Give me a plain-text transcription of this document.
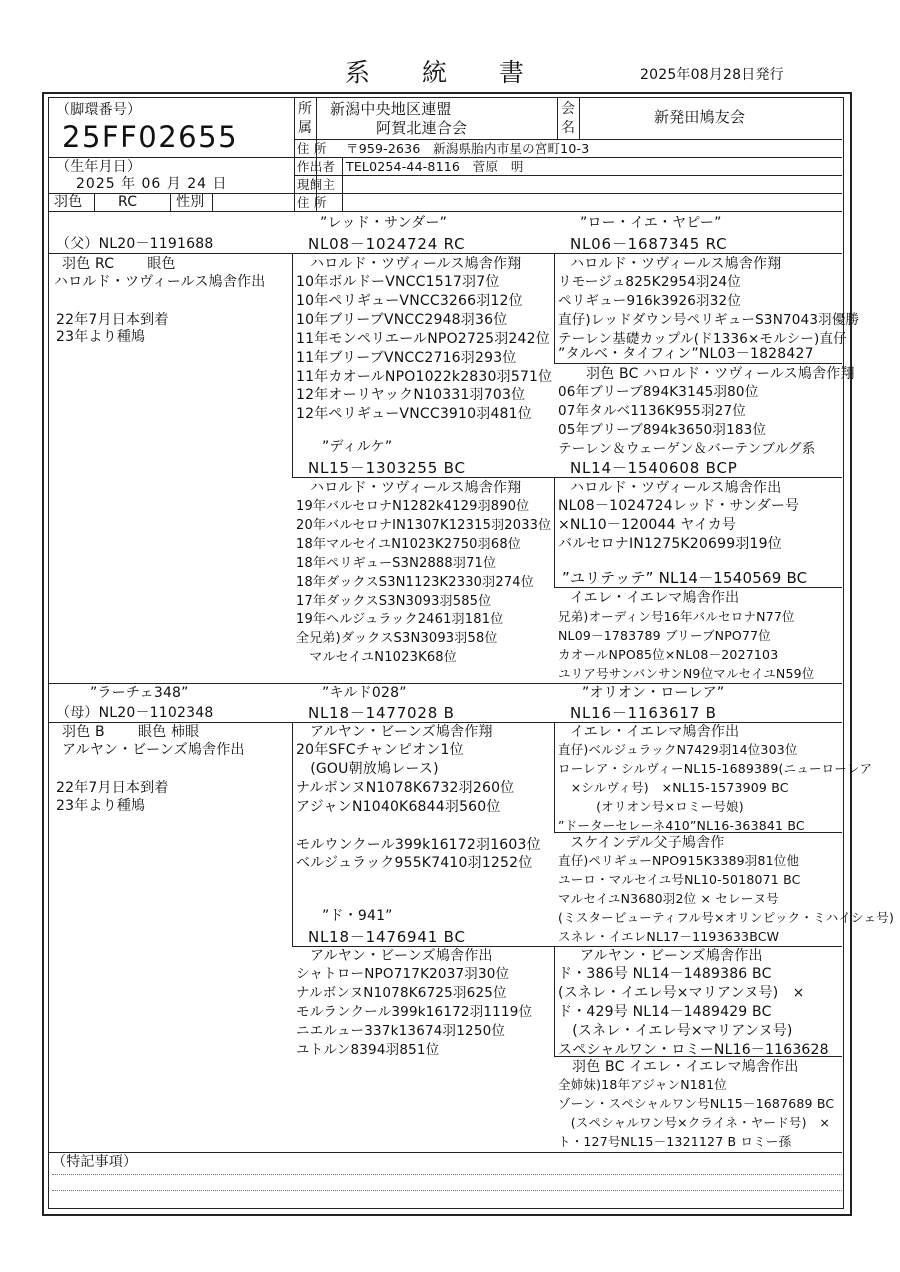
系 統 書	2025年08月28日発行
（脚環番号）
25FF02655
（生年月日）
2025 年 06 月 24 日
羽色	RC	性別
所
属
新潟中央地区連盟
阿賀北連合会
会
名
新発田鳩友会
住 所 〒959-2636　新潟県胎内市星の宮町10-3
作出者 TEL0254-44-8116　菅原　明
現飼主
住 所
（父）NL20－1191688
羽色 RC 　　眼色
ハロルド・ツヴィールス鳩舎作出
22年7月日本到着
23年より種鳩
”レッド・サンダー”
NL08－1024724 RC
ハロルド・ツヴィールス鳩舎作翔
10年ボルドーVNCC1517羽7位
10年ペリギューVNCC3266羽12位
10年ブリーブVNCC2948羽36位
11年モンペリエールNPO2725羽242位
11年ブリーブVNCC2716羽293位
11年カオールNPO1022k2830羽571位
12年オーリヤックN10331羽703位
12年ペリギューVNCC3910羽481位
”ディルケ”
NL15－1303255 BC
ハロルド・ツヴィールス鳩舎作翔
19年バルセロナN1282k4129羽890位
20年バルセロナIN1307K12315羽2033位
18年マルセイユN1023K2750羽68位
18年ペリギューS3N2888羽71位
18年ダックスS3N1123K2330羽274位
17年ダックスS3N3093羽585位
19年ヘルジュラック2461羽181位
全兄弟)ダックスS3N3093羽58位
　マルセイユN1023K68位
”ロー・イエ・ヤピー”
NL06－1687345 RC
ハロルド・ツヴィールス鳩舎作翔
リモージュ825K2954羽24位
ペリギュー916k3926羽32位
直仔)レッドダウン号ペリギューS3N7043羽優勝
テーレン基礎カップル(ド1336×モルシー)直仔
”タルベ・タイフィン”NL03－1828427
羽色 BC ハロルド・ツヴィールス鳩舎作翔
06年ブリーブ894K3145羽80位
07年タルベ1136K955羽27位
05年ブリーブ894k3650羽183位
テーレン＆ウェーゲン＆バーテンブルグ系
NL14－1540608 BCP
ハロルド・ツヴィールス鳩舎作出
NL08－1024724レッド・サンダー号
×NL10－120044 ヤイカ号
バルセロナIN1275K20699羽19位
”ユリテッテ” NL14－1540569 BC
イエレ・イエレマ鳩舎作出
兄弟)オーディン号16年バルセロナN77位
NL09－1783789 ブリーブNPO77位
カオールNPO85位×NL08－2027103
ユリア号サンバンサンN9位マルセイユN59位
”ラーチェ348”
（母）NL20－1102348
羽色 B 　　眼色 柿眼
アルヤン・ビーンズ鳩舎作出
22年7月日本到着
23年より種鳩
”キルド028”
NL18－1477028 B
アルヤン・ビーンズ鳩舎作翔
20年SFCチャンピオン1位
　(GOU朝放鳩レース)
ナルボンヌN1078K6732羽260位
アジャンN1040K6844羽560位
モルウンクール399k16172羽1603位
ベルジュラック955K7410羽1252位
”ド・941”
NL18－1476941 BC
アルヤン・ビーンズ鳩舎作出
シャトローNPO717K2037羽30位
ナルボンヌN1078K6725羽625位
モルランクール399k16172羽1119位
ニエルュー337k13674羽1250位
ユトルン8394羽851位
”オリオン・ローレア”
NL16－1163617 B
イエレ・イエレマ鳩舎作出
直仔)ベルジュラックN7429羽14位303位
ローレア・シルヴィーNL15-1689389(ニューローレア
　×シルヴィ号)　×NL15-1573909 BC
　　　(オリオン号×ロミー号娘)
”ドーターセレーネ410”NL16-363841 BC
スケインデル父子鳩舎作
直仔)ペリギューNPO915K3389羽81位他
ユーロ・マルセイユ号NL10-5018071 BC
マルセイユN3680羽2位 × セレーヌ号
(ミスタービューティフル号×オリンピック・ミハイシェ号)
スネレ・イエレNL17－1193633BCW
アルヤン・ビーンズ鳩舎作出
ド・386号 NL14－1489386 BC
(スネレ・イエレ号×マリアンヌ号)　×
ド・429号 NL14－1489429 BC
　(スネレ・イエレ号×マリアンヌ号)
スペシャルワン・ロミーNL16－1163628
羽色 BC イエレ・イエレマ鳩舎作出
全姉妹)18年アジャンN181位
ゾーン・スペシャルワン号NL15－1687689 BC
　(スペシャルワン号×クライネ・ヤード号)　×
ト・127号NL15－1321127 B ロミー孫
（特記事項）
